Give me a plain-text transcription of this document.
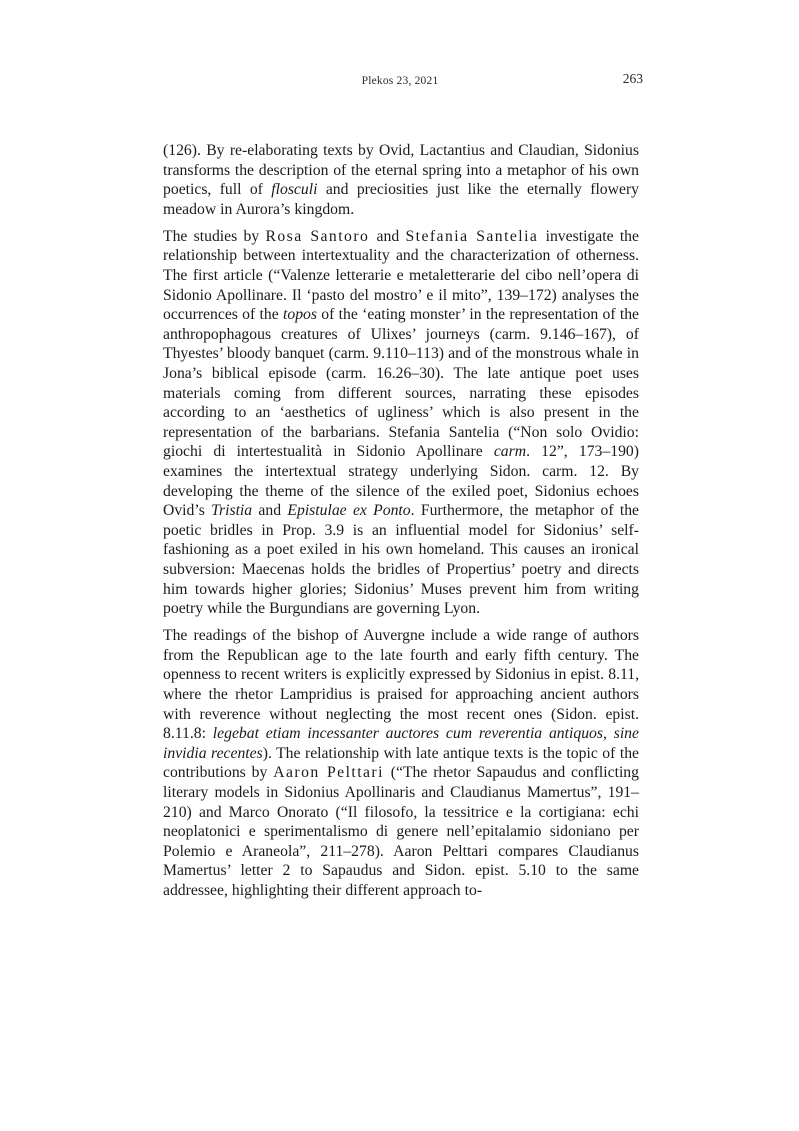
Plekos 23, 2021	263
(126). By re-elaborating texts by Ovid, Lactantius and Claudian, Sidonius transforms the description of the eternal spring into a metaphor of his own poetics, full of flosculi and preciosities just like the eternally flowery meadow in Aurora’s kingdom.
The studies by Rosa Santoro and Stefania Santelia investigate the relationship between intertextuality and the characterization of otherness. The first article (“Valenze letterarie e metaletterarie del cibo nell’opera di Sidonio Apollinare. Il ‘pasto del mostro’ e il mito”, 139–172) analyses the occurrences of the topos of the ‘eating monster’ in the representation of the anthropophagous creatures of Ulixes’ journeys (carm. 9.146–167), of Thyestes’ bloody banquet (carm. 9.110–113) and of the monstrous whale in Jona’s biblical episode (carm. 16.26–30). The late antique poet uses materials coming from different sources, narrating these episodes according to an ‘aesthetics of ugliness’ which is also present in the representation of the barbarians. Stefania Santelia (“Non solo Ovidio: giochi di intertestualità in Sidonio Apollinare carm. 12”, 173–190) examines the intertextual strategy underlying Sidon. carm. 12. By developing the theme of the silence of the exiled poet, Sidonius echoes Ovid’s Tristia and Epistulae ex Ponto. Furthermore, the metaphor of the poetic bridles in Prop. 3.9 is an influential model for Sidonius’ self-fashioning as a poet exiled in his own homeland. This causes an ironical subversion: Maecenas holds the bridles of Propertius’ poetry and directs him towards higher glories; Sidonius’ Muses prevent him from writing poetry while the Burgundians are governing Lyon.
The readings of the bishop of Auvergne include a wide range of authors from the Republican age to the late fourth and early fifth century. The openness to recent writers is explicitly expressed by Sidonius in epist. 8.11, where the rhetor Lampridius is praised for approaching ancient authors with reverence without neglecting the most recent ones (Sidon. epist. 8.11.8: legebat etiam incessanter auctores cum reverentia antiquos, sine invidia recentes). The relationship with late antique texts is the topic of the contributions by Aaron Pelttari (“The rhetor Sapaudus and conflicting literary models in Sidonius Apollinaris and Claudianus Mamertus”, 191–210) and Marco Onorato (“Il filosofo, la tessitrice e la cortigiana: echi neoplatonici e sperimentalismo di genere nell’epitalamio sidoniano per Polemio e Araneola”, 211–278). Aaron Pelttari compares Claudianus Mamertus’ letter 2 to Sapaudus and Sidon. epist. 5.10 to the same addressee, highlighting their different approach to-
